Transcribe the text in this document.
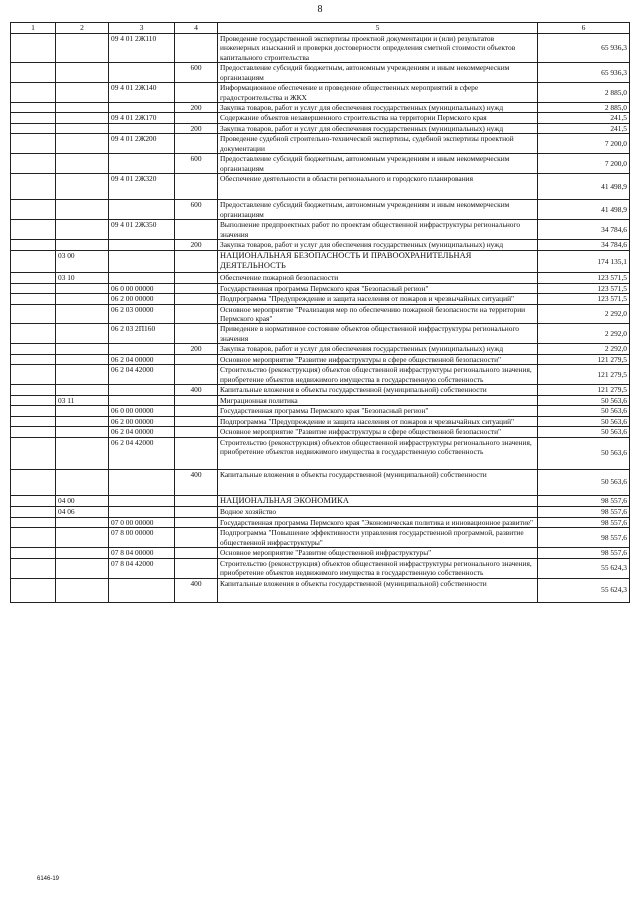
8
1	2	3	4	5	6
		09 4 01 2Ж110		Проведение государственной экспертизы проектной документации и (или) результатов инженерных изысканий и проверки достоверности определения сметной стоимости объектов капитального строительства	65 936,3
			600	Предоставление субсидий бюджетным, автономным учреждениям и иным некоммерческим организациям	65 936,3
		09 4 01 2Ж140		Информационное обеспечение и проведение общественных мероприятий в сфере градостроительства и ЖКХ	2 885,0
			200	Закупка товаров, работ и услуг для обеспечения государственных (муниципальных) нужд	2 885,0
		09 4 01 2Ж170		Содержание объектов незавершенного строительства на территории Пермского края	241,5
			200	Закупка товаров, работ и услуг для обеспечения государственных (муниципальных) нужд	241,5
		09 4 01 2Ж200		Проведение судебной строительно-технической экспертизы, судебной экспертизы проектной документации	7 200,0
			600	Предоставление субсидий бюджетным, автономным учреждениям и иным некоммерческим организациям	7 200,0
		09 4 01 2Ж320		Обеспечение деятельности в области регионального и городского планирования	41 498,9
			600	Предоставление субсидий бюджетным, автономным учреждениям и иным некоммерческим организациям	41 498,9
		09 4 01 2Ж350		Выполнение предпроектных работ по проектам общественной инфраструктуры регионального значения	34 784,6
			200	Закупка товаров, работ и услуг для обеспечения государственных (муниципальных) нужд	34 784,6
	03 00			НАЦИОНАЛЬНАЯ БЕЗОПАСНОСТЬ И ПРАВООХРАНИТЕЛЬНАЯ ДЕЯТЕЛЬНОСТЬ	174 135,1
	03 10			Обеспечение пожарной безопасности	123 571,5
		06 0 00 00000		Государственная программа Пермского края "Безопасный регион"	123 571,5
		06 2 00 00000		Подпрограмма "Предупреждение и защита населения от пожаров и чрезвычайных ситуаций"	123 571,5
		06 2 03 00000		Основное мероприятие "Реализация мер по обеспечению пожарной безопасности на территории Пермского края"	2 292,0
		06 2 03 2П160		Приведение в нормативное состояние объектов общественной инфраструктуры регионального значения	2 292,0
			200	Закупка товаров, работ и услуг для обеспечения государственных (муниципальных) нужд	2 292,0
		06 2 04 00000		Основное мероприятие "Развитие инфраструктуры в сфере общественной безопасности"	121 279,5
		06 2 04 42000		Строительство (реконструкция) объектов общественной инфраструктуры регионального значения, приобретение объектов недвижимого имущества в государственную собственность	121 279,5
			400	Капитальные вложения в объекты государственной (муниципальной) собственности	121 279,5
	03 11			Миграционная политика	50 563,6
		06 0 00 00000		Государственная программа Пермского края "Безопасный регион"	50 563,6
		06 2 00 00000		Подпрограмма "Предупреждение и защита населения от пожаров и чрезвычайных ситуаций"	50 563,6
		06 2 04 00000		Основное мероприятие "Развитие инфраструктуры в сфере общественной безопасности"	50 563,6
		06 2 04 42000		Строительство (реконструкция) объектов общественной инфраструктуры регионального значения, приобретение объектов недвижимого имущества в государственную собственность	50 563,6
			400	Капитальные вложения в объекты государственной (муниципальной) собственности	50 563,6
	04 00			НАЦИОНАЛЬНАЯ ЭКОНОМИКА	98 557,6
	04 06			Водное хозяйство	98 557,6
		07 0 00 00000		Государственная программа Пермского края "Экономическая политика и инновационное развитие"	98 557,6
		07 8 00 00000		Подпрограмма "Повышение эффективности управления государственной программой, развитие общественной инфраструктуры"	98 557,6
		07 8 04 00000		Основное мероприятие "Развитие общественной инфраструктуры"	98 557,6
		07 8 04 42000		Строительство (реконструкция) объектов общественной инфраструктуры регионального значения, приобретение объектов недвижимого имущества в государственную собственность	55 624,3
			400	Капитальные вложения в объекты государственной (муниципальной) собственности	55 624,3
6146-19
